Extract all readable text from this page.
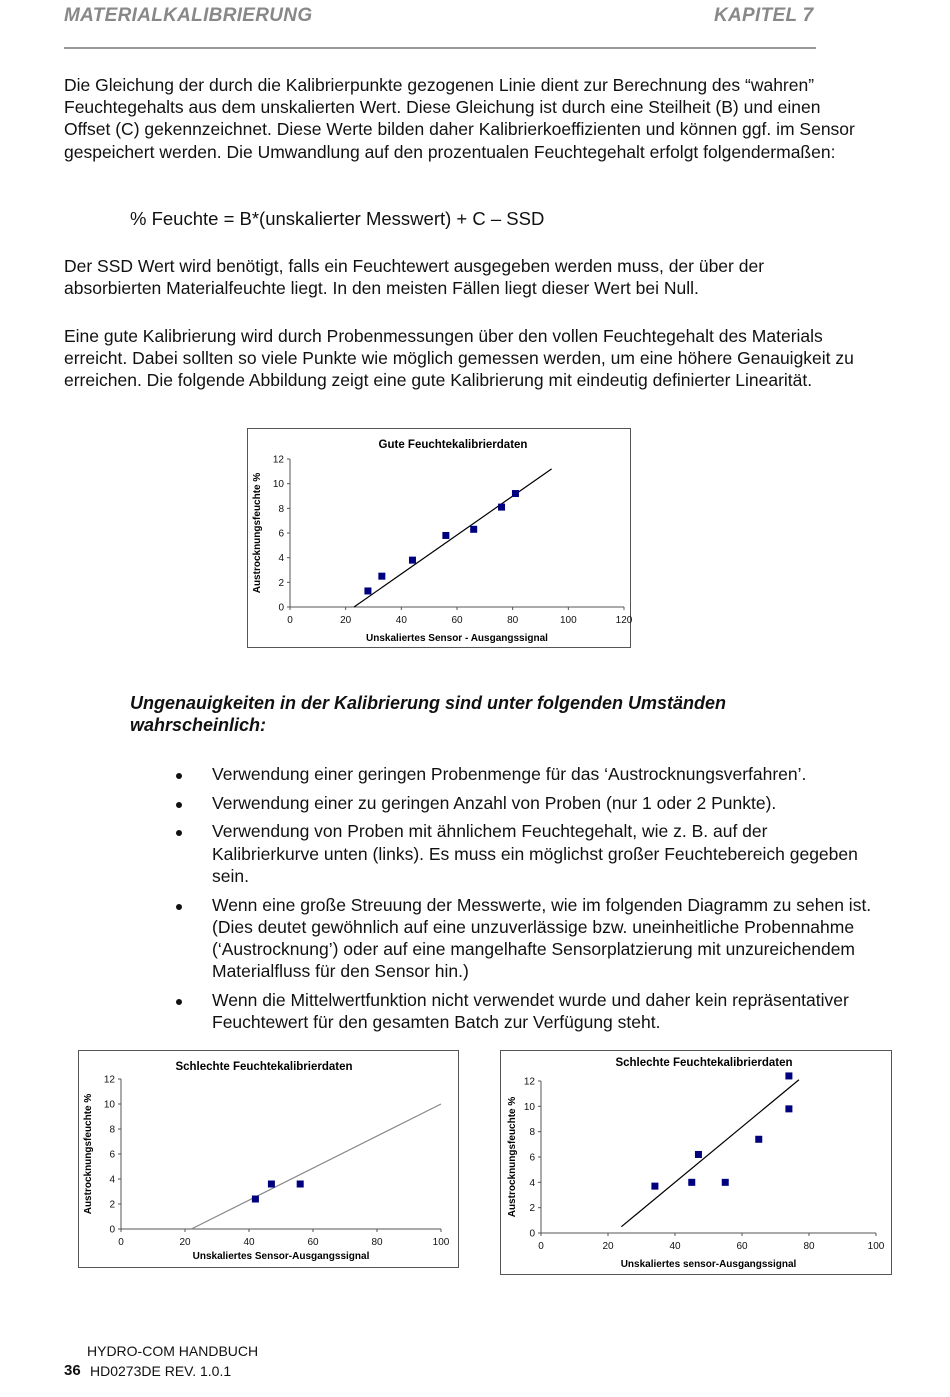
MATERIALKALIBRIERUNG	KAPITEL 7

Die Gleichung der durch die Kalibrierpunkte gezogenen Linie dient zur Berechnung des “wahren” Feuchtegehalts aus dem unskalierten Wert. Diese Gleichung ist durch eine Steilheit (B) und einen Offset (C) gekennzeichnet. Diese Werte bilden daher Kalibrierkoeffizienten und können ggf. im Sensor gespeichert werden. Die Umwandlung auf den prozentualen Feuchtegehalt erfolgt folgendermaßen:

% Feuchte = B*(unskalierter Messwert) + C – SSD

Der SSD Wert wird benötigt, falls ein Feuchtewert ausgegeben werden muss, der über der absorbierten Materialfeuchte liegt. In den meisten Fällen liegt dieser Wert bei Null.

Eine gute Kalibrierung wird durch Probenmessungen über den vollen Feuchtegehalt des Materials erreicht. Dabei sollten so viele Punkte wie möglich gemessen werden, um eine höhere Genauigkeit zu erreichen. Die folgende Abbildung zeigt eine gute Kalibrierung mit eindeutig definierter Linearität.

Gute Feuchtekalibrierdaten
0
2
4
6
8
10
12
0	20	40	60	80	100	120
Unskaliertes Sensor - Ausgangssignal
Austrocknungsfeuchte %
Ungenauigkeiten in der Kalibrierung sind unter folgenden Umständen wahrscheinlich:
Verwendung einer geringen Probenmenge für das ‘Austrocknungsverfahren’.
Verwendung einer zu geringen Anzahl von Proben (nur 1 oder 2 Punkte).
Verwendung von Proben mit ähnlichem Feuchtegehalt, wie z. B. auf der Kalibrierkurve unten (links). Es muss ein möglichst großer Feuchtebereich gegeben sein.
Wenn eine große Streuung der Messwerte, wie im folgenden Diagramm zu sehen ist. (Dies deutet gewöhnlich auf eine unzuverlässige bzw. uneinheitliche Probennahme (‘Austrocknung’) oder auf eine mangelhafte Sensorplatzierung mit unzureichendem Materialfluss für den Sensor hin.)
Wenn die Mittelwertfunktion nicht verwendet wurde und daher kein repräsentativer Feuchtewert für den gesamten Batch zur Verfügung steht.
Schlechte Feuchtekalibrierdaten
0
2
4
6
8
10
12
0	20	40	60	80	100
Unskaliertes Sensor-Ausgangssignal
Austrocknungsfeuchte %
Schlechte Feuchtekalibrierdaten
0
2
4
6
8
10
12
0	20	40	60	80	100
Unskaliertes sensor-Ausgangssignal
Austrocknungsfeuchte %
HYDRO-COM HANDBUCH
36 HD0273DE REV. 1.0.1
